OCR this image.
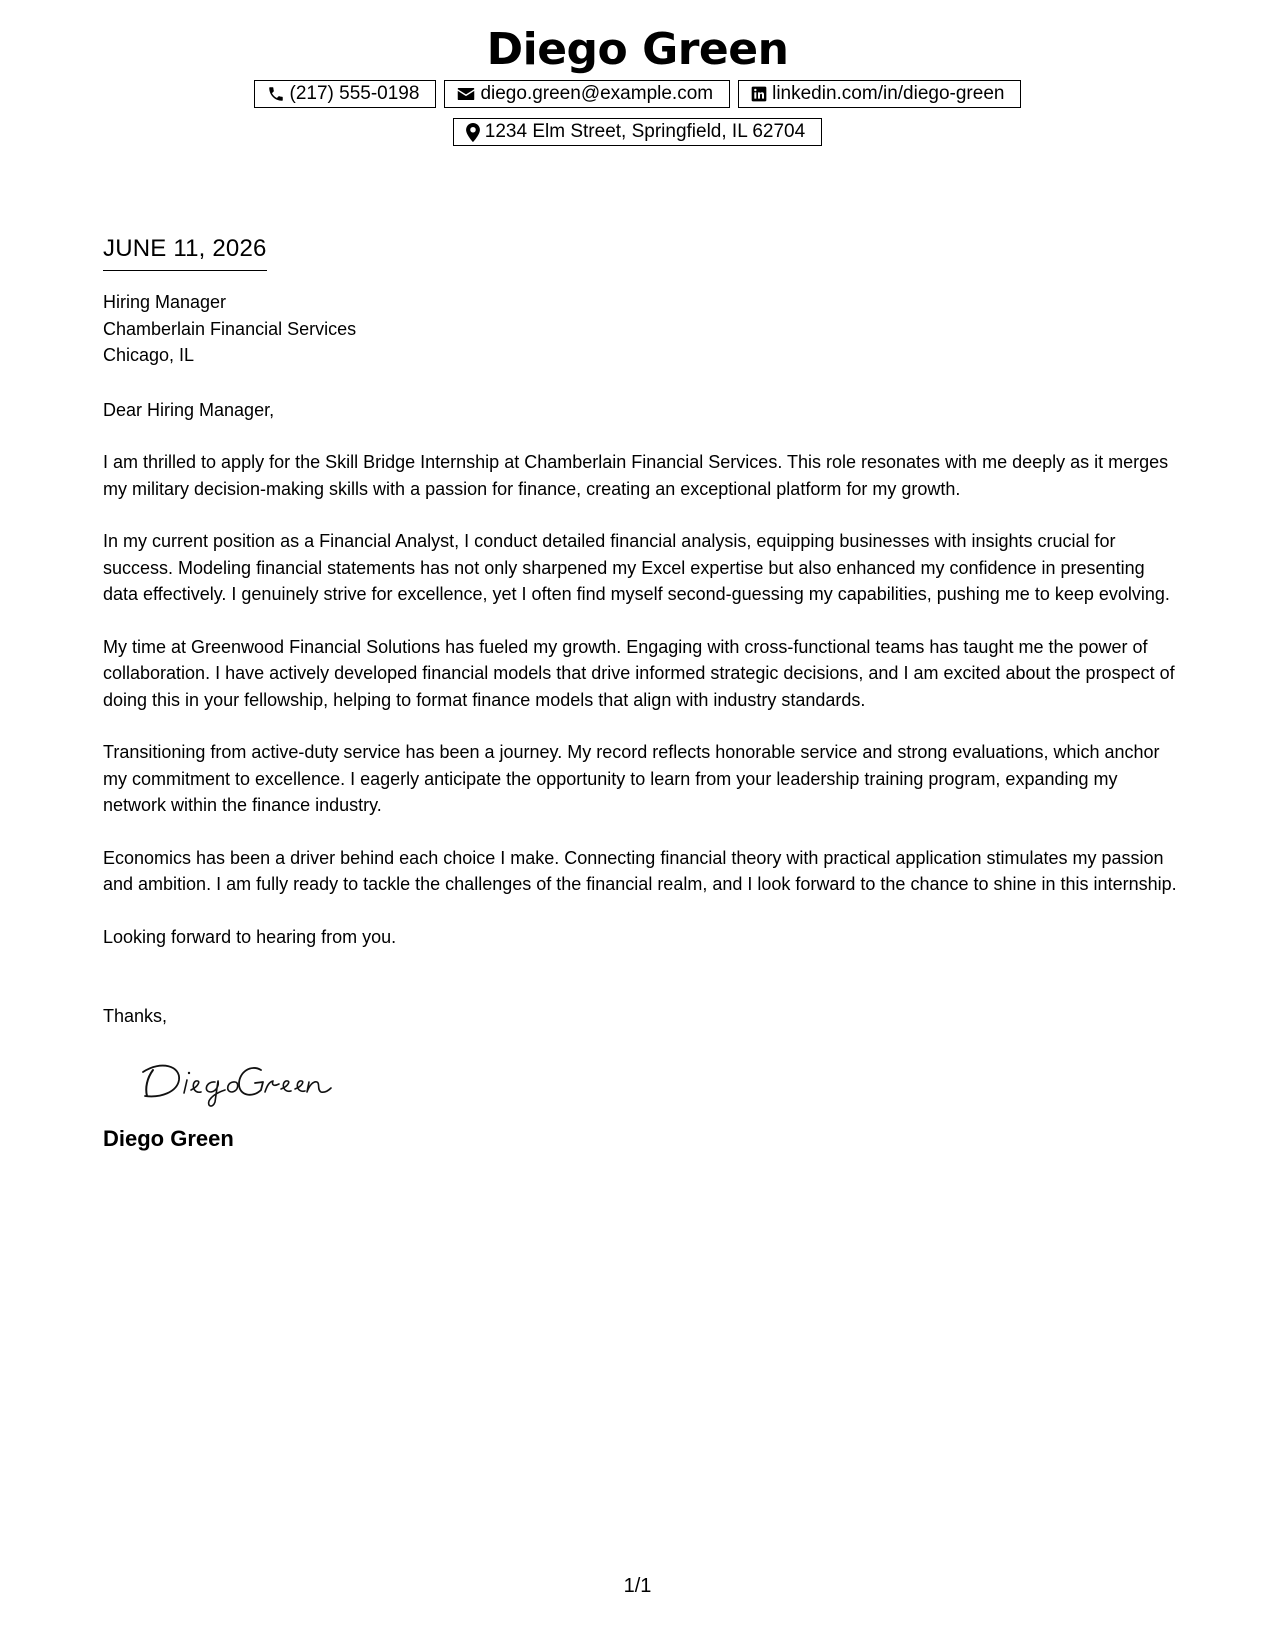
Diego Green
(217) 555-0198	diego.green@example.com	linkedin.com/in/diego-green
1234 Elm Street, Springfield, IL 62704
JUNE 11, 2026
Hiring Manager
Chamberlain Financial Services
Chicago, IL
Dear Hiring Manager,

I am thrilled to apply for the Skill Bridge Internship at Chamberlain Financial Services. This role resonates with me deeply as it merges my military decision-making skills with a passion for finance, creating an exceptional platform for my growth.

In my current position as a Financial Analyst, I conduct detailed financial analysis, equipping businesses with insights crucial for success. Modeling financial statements has not only sharpened my Excel expertise but also enhanced my confidence in presenting data effectively. I genuinely strive for excellence, yet I often find myself second-guessing my capabilities, pushing me to keep evolving.

My time at Greenwood Financial Solutions has fueled my growth. Engaging with cross-functional teams has taught me the power of collaboration. I have actively developed financial models that drive informed strategic decisions, and I am excited about the prospect of doing this in your fellowship, helping to format finance models that align with industry standards.

Transitioning from active-duty service has been a journey. My record reflects honorable service and strong evaluations, which anchor my commitment to excellence. I eagerly anticipate the opportunity to learn from your leadership training program, expanding my network within the finance industry.

Economics has been a driver behind each choice I make. Connecting financial theory with practical application stimulates my passion and ambition. I am fully ready to tackle the challenges of the financial realm, and I look forward to the chance to shine in this internship.

Looking forward to hearing from you.
Thanks,
Diego Green
1/1
